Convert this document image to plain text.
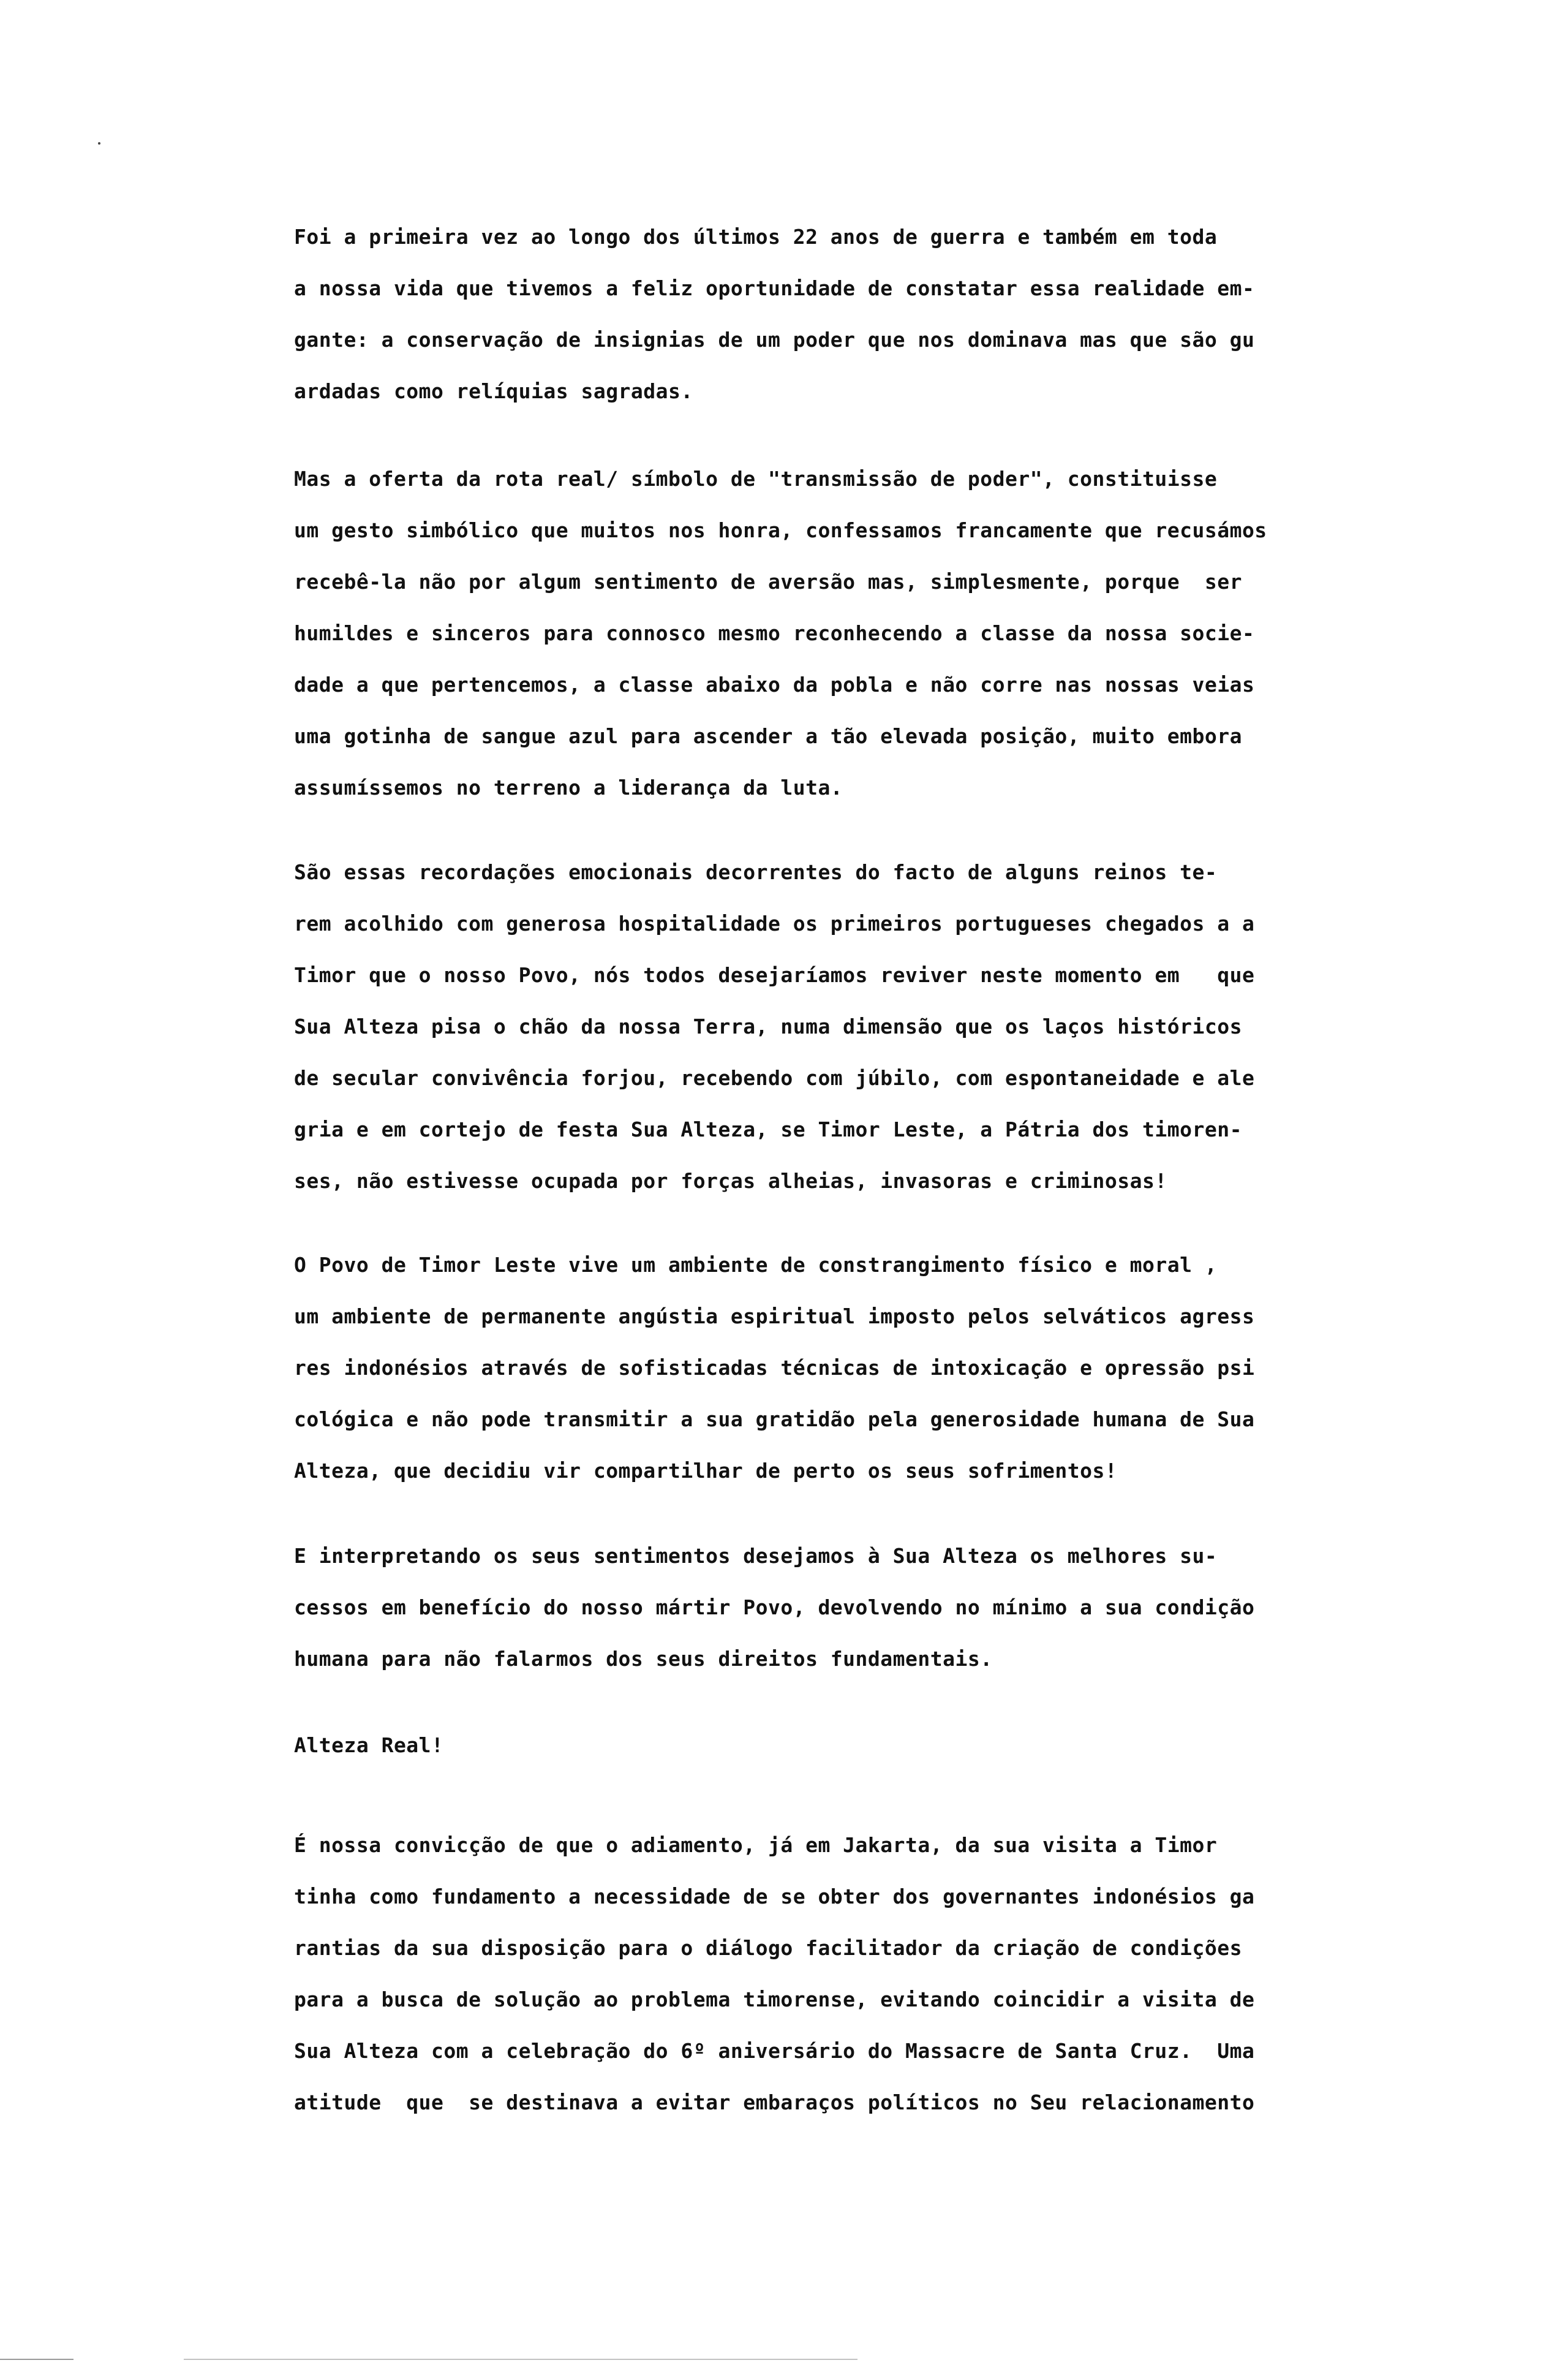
Foi a primeira vez ao longo dos últimos 22 anos de guerra e também em toda
a nossa vida que tivemos a feliz oportunidade de constatar essa realidade em-
gante: a conservação de insignias de um poder que nos dominava mas que são gu
ardadas como relíquias sagradas.
Mas a oferta da rota real/ símbolo de "transmissão de poder", constituisse
um gesto simbólico que muitos nos honra, confessamos francamente que recusámos
recebê-la não por algum sentimento de aversão mas, simplesmente, porque  ser
humildes e sinceros para connosco mesmo reconhecendo a classe da nossa socie-
dade a que pertencemos, a classe abaixo da pobla e não corre nas nossas veias
uma gotinha de sangue azul para ascender a tão elevada posição, muito embora
assumíssemos no terreno a liderança da luta.
São essas recordações emocionais decorrentes do facto de alguns reinos te-
rem acolhido com generosa hospitalidade os primeiros portugueses chegados a a
Timor que o nosso Povo, nós todos desejaríamos reviver neste momento em   que
Sua Alteza pisa o chão da nossa Terra, numa dimensão que os laços históricos
de secular convivência forjou, recebendo com júbilo, com espontaneidade e ale
gria e em cortejo de festa Sua Alteza, se Timor Leste, a Pátria dos timoren-
ses, não estivesse ocupada por forças alheias, invasoras e criminosas!
O Povo de Timor Leste vive um ambiente de constrangimento físico e moral ,
um ambiente de permanente angústia espiritual imposto pelos selváticos agress
res indonésios através de sofisticadas técnicas de intoxicação e opressão psi
cológica e não pode transmitir a sua gratidão pela generosidade humana de Sua
Alteza, que decidiu vir compartilhar de perto os seus sofrimentos!
E interpretando os seus sentimentos desejamos à Sua Alteza os melhores su-
cessos em benefício do nosso mártir Povo, devolvendo no mínimo a sua condição
humana para não falarmos dos seus direitos fundamentais.
Alteza Real!
É nossa convicção de que o adiamento, já em Jakarta, da sua visita a Timor
tinha como fundamento a necessidade de se obter dos governantes indonésios ga
rantias da sua disposição para o diálogo facilitador da criação de condições
para a busca de solução ao problema timorense, evitando coincidir a visita de
Sua Alteza com a celebração do 6º aniversário do Massacre de Santa Cruz.  Uma
atitude  que  se destinava a evitar embaraços políticos no Seu relacionamento
